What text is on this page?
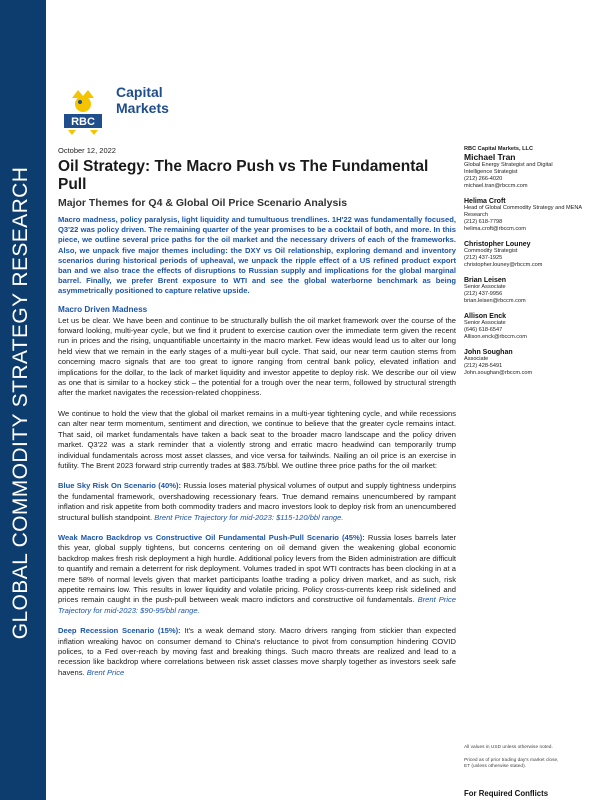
GLOBAL COMMODITY STRATEGY RESEARCH
RBC
Capital
Markets
October 12, 2022
Oil Strategy: The Macro Push vs The Fundamental Pull
Major Themes for Q4 & Global Oil Price Scenario Analysis
Macro madness, policy paralysis, light liquidity and tumultuous trendlines. 1H'22 was fundamentally focused, Q3'22 was policy driven. The remaining quarter of the year promises to be a cocktail of both, and more. In this piece, we outline several price paths for the oil market and the necessary drivers of each of the frameworks. Also, we unpack five major themes including: the DXY vs Oil relationship, exploring demand and inventory scenarios during historical periods of upheaval, we unpack the ripple effect of a US refined product export ban and we also trace the effects of disruptions to Russian supply and implications for the global marginal barrel. Finally, we prefer Brent exposure to WTI and see the global waterborne benchmark as being asymmetrically positioned to capture relative upside.
Macro Driven Madness
Let us be clear. We have been and continue to be structurally bullish the oil market framework over the course of the forward looking, multi-year cycle, but we find it prudent to exercise caution over the immediate term given the recent run in prices and the rising, unquantifiable uncertainty in the macro market. Few ideas would lead us to alter our long held view that we remain in the early stages of a multi-year bull cycle. That said, our near term caution stems from concerning macro signals that are too great to ignore ranging from central bank policy, elevated inflation and implications for the dollar, to the lack of market liquidity and investor appetite to deploy risk. We describe our oil view as one that is similar to a hockey stick – the potential for a trough over the near term, followed by structural strength after the market navigates the recession-related choppiness.
We continue to hold the view that the global oil market remains in a multi-year tightening cycle, and while recessions can alter near term momentum, sentiment and direction, we continue to believe that the greater cycle remains intact. That said, oil market fundamentals have taken a back seat to the broader macro landscape and the policy driven market. Q3'22 was a stark reminder that a violently strong and erratic macro headwind can temporarily trump individual fundamentals across most asset classes, and vice versa for tailwinds. Nailing an oil price is an exercise in futility. The Brent 2023 forward strip currently trades at $83.75/bbl. We outline three price paths for the oil market:
Blue Sky Risk On Scenario (40%): Russia loses material physical volumes of output and supply tightness underpins the fundamental framework, overshadowing recessionary fears. True demand remains unencumbered by rampant inflation and risk appetite from both commodity traders and macro investors look to deploy risk from an unencumbered structural bullish standpoint. Brent Price Trajectory for mid-2023: $115-120/bbl range.
Weak Macro Backdrop vs Constructive Oil Fundamental Push-Pull Scenario (45%): Russia loses barrels later this year, global supply tightens, but concerns centering on oil demand given the weakening global economic backdrop makes fresh risk deployment a high hurdle. Additional policy levers from the Biden administration are difficult to quantify and remain a deterrent for risk deployment. Volumes traded in spot WTI contracts has been clocking in at a mere 58% of normal levels given that market participants loathe trading a policy driven market, and as such, risk appetite remains low. This results in lower liquidity and volatile pricing. Policy cross-currents keep risk sidelined and prices remain caught in the push-pull between weak macro indictors and constructive oil fundamentals. Brent Price Trajectory for mid-2023: $90-95/bbl range.
Deep Recession Scenario (15%): It's a weak demand story. Macro drivers ranging from stickier than expected inflation wreaking havoc on consumer demand to China's reluctance to pivot from consumption hindering COVID polices, to a Fed over-reach by moving fast and breaking things. Such macro threats are realized and lead to a recession like backdrop where correlations between risk asset classes move sharply together as investors seek safe havens. Brent Price
RBC Capital Markets, LLC
Michael Tran
Global Energy Strategist and Digital
Intelligence Strategist
(212) 266-4020
michael.tran@rbccm.com
Helima Croft
Head of Global Commodity Strategy and MENA Research
(212) 618-7798
helima.croft@rbccm.com
Christopher Louney
Commodity Strategist
(212) 437-1925
christopher.louney@rbccm.com
Brian Leisen
Senior Associate
(212) 437-9956
brian.leisen@rbccm.com
Allison Enck
Senior Associate
(646) 618-6547
Allison.enck@rbccm.com
John Soughan
Associate
(212) 428-5491
John.soughan@rbccm.com
All values in USD unless otherwise noted.
Priced as of prior trading day's market close,
ET (unless otherwise stated).
For Required Conflicts
